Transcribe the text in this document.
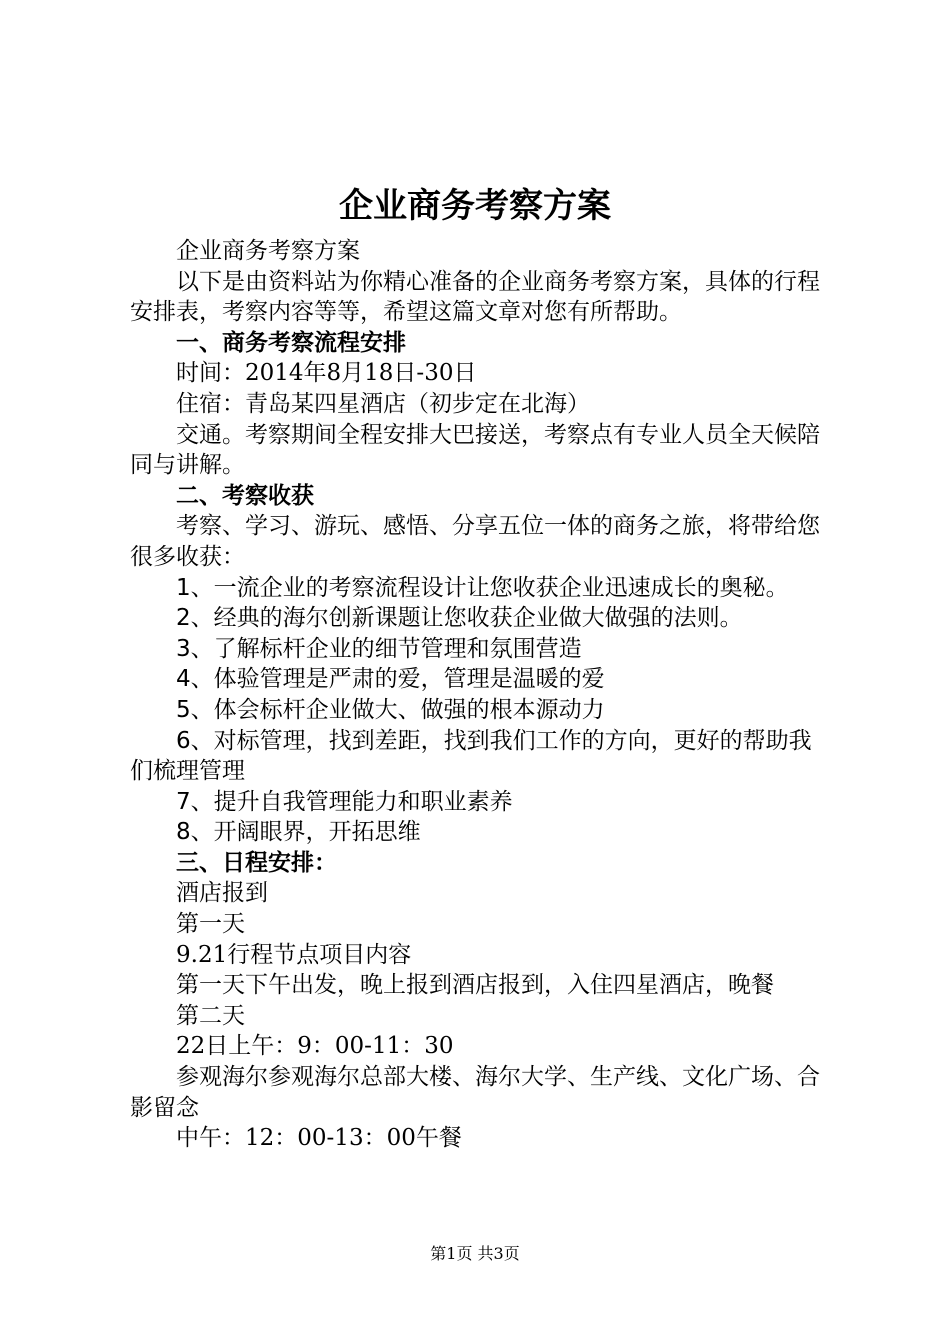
企业商务考察方案

企业商务考察方案

以下是由资料站为你精心准备的企业商务考察方案，具体的行程安排表，考察内容等等，希望这篇文章对您有所帮助。

一、商务考察流程安排

时间：2014年8月18日-30日

住宿：青岛某四星酒店（初步定在北海）

交通。考察期间全程安排大巴接送，考察点有专业人员全天候陪同与讲解。

二、考察收获

考察、学习、游玩、感悟、分享五位一体的商务之旅，将带给您很多收获：

1、一流企业的考察流程设计让您收获企业迅速成长的奥秘。

2、经典的海尔创新课题让您收获企业做大做强的法则。

3、了解标杆企业的细节管理和氛围营造

4、体验管理是严肃的爱，管理是温暖的爱

5、体会标杆企业做大、做强的根本源动力

6、对标管理，找到差距，找到我们工作的方向，更好的帮助我们梳理管理

7、提升自我管理能力和职业素养

8、开阔眼界，开拓思维

三、日程安排：

酒店报到

第一天

9.21行程节点项目内容

第一天下午出发，晚上报到酒店报到，入住四星酒店，晚餐

第二天

22日上午：9：00-11：30

参观海尔参观海尔总部大楼、海尔大学、生产线、文化广场、合影留念

中午：12：00-13：00午餐

第1页 共3页
